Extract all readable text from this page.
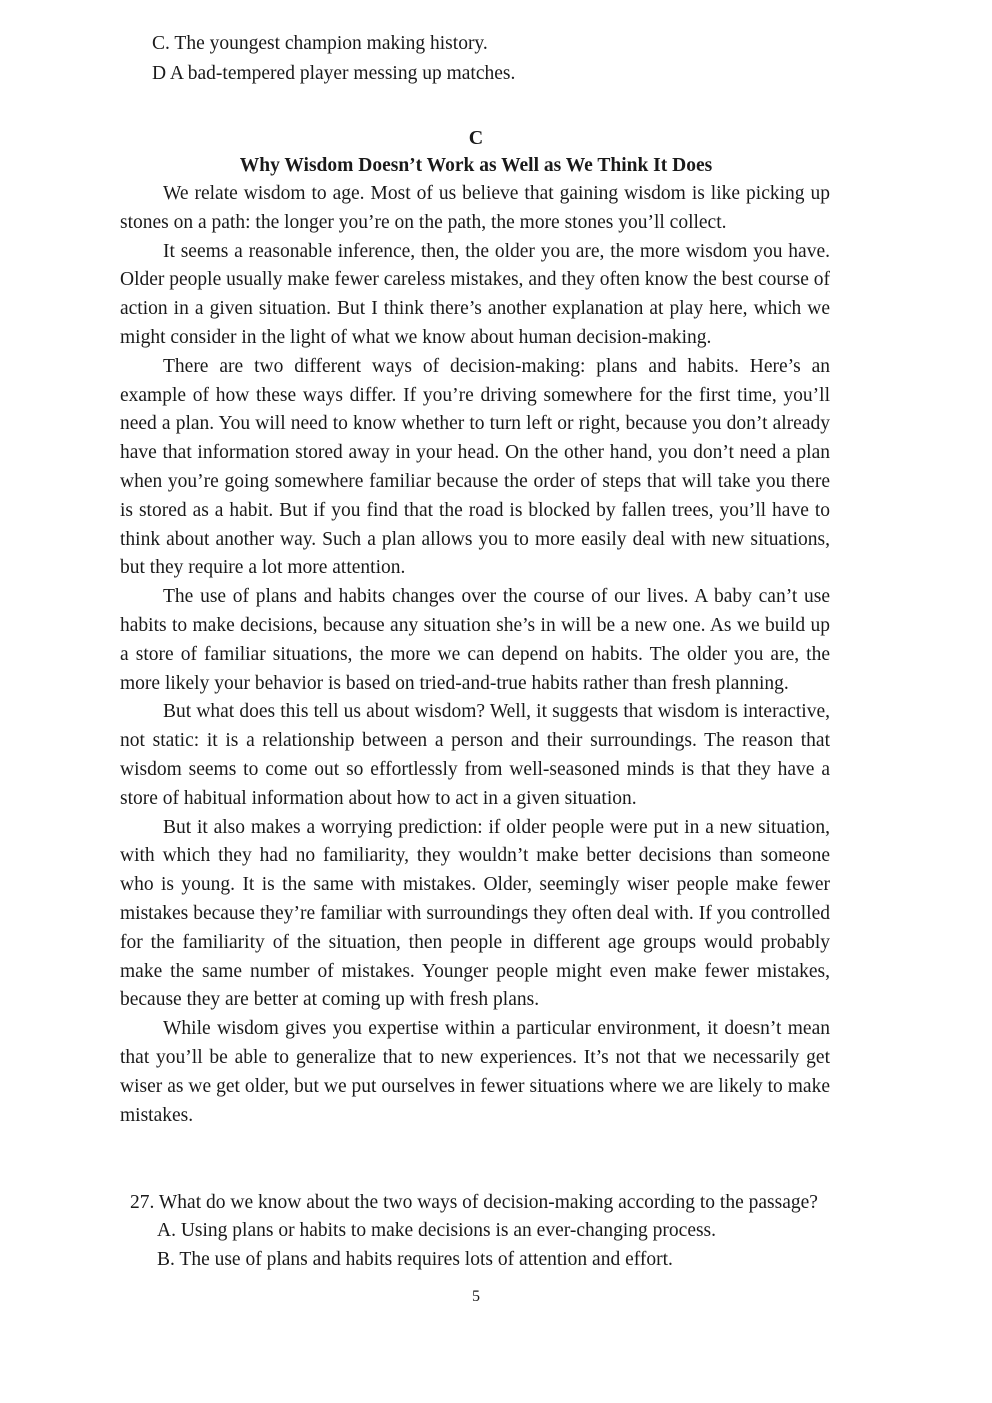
C. The youngest champion making history.
D A bad-tempered player messing up matches.
C
Why Wisdom Doesn’t Work as Well as We Think It Does

We relate wisdom to age. Most of us believe that gaining wisdom is like picking up stones on a path: the longer you’re on the path, the more stones you’ll collect.

It seems a reasonable inference, then, the older you are, the more wisdom you have. Older people usually make fewer careless mistakes, and they often know the best course of action in a given situation. But I think there’s another explanation at play here, which we might consider in the light of what we know about human decision-making.

There are two different ways of decision-making: plans and habits. Here’s an example of how these ways differ. If you’re driving somewhere for the first time, you’ll need a plan. You will need to know whether to turn left or right, because you don’t already have that information stored away in your head. On the other hand, you don’t need a plan when you’re going somewhere familiar because the order of steps that will take you there is stored as a habit. But if you find that the road is blocked by fallen trees, you’ll have to think about another way. Such a plan allows you to more easily deal with new situations, but they require a lot more attention.

The use of plans and habits changes over the course of our lives. A baby can’t use habits to make decisions, because any situation she’s in will be a new one. As we build up a store of familiar situations, the more we can depend on habits. The older you are, the more likely your behavior is based on tried-and-true habits rather than fresh planning.

But what does this tell us about wisdom? Well, it suggests that wisdom is interactive, not static: it is a relationship between a person and their surroundings. The reason that wisdom seems to come out so effortlessly from well-seasoned minds is that they have a store of habitual information about how to act in a given situation.

But it also makes a worrying prediction: if older people were put in a new situation, with which they had no familiarity, they wouldn’t make better decisions than someone who is young. It is the same with mistakes. Older, seemingly wiser people make fewer mistakes because they’re familiar with surroundings they often deal with. If you controlled for the familiarity of the situation, then people in different age groups would probably make the same number of mistakes. Younger people might even make fewer mistakes, because they are better at coming up with fresh plans.

While wisdom gives you expertise within a particular environment, it doesn’t mean that you’ll be able to generalize that to new experiences. It’s not that we necessarily get wiser as we get older, but we put ourselves in fewer situations where we are likely to make mistakes.

27. What do we know about the two ways of decision-making according to the passage?
A. Using plans or habits to make decisions is an ever-changing process.
B. The use of plans and habits requires lots of attention and effort.
5
